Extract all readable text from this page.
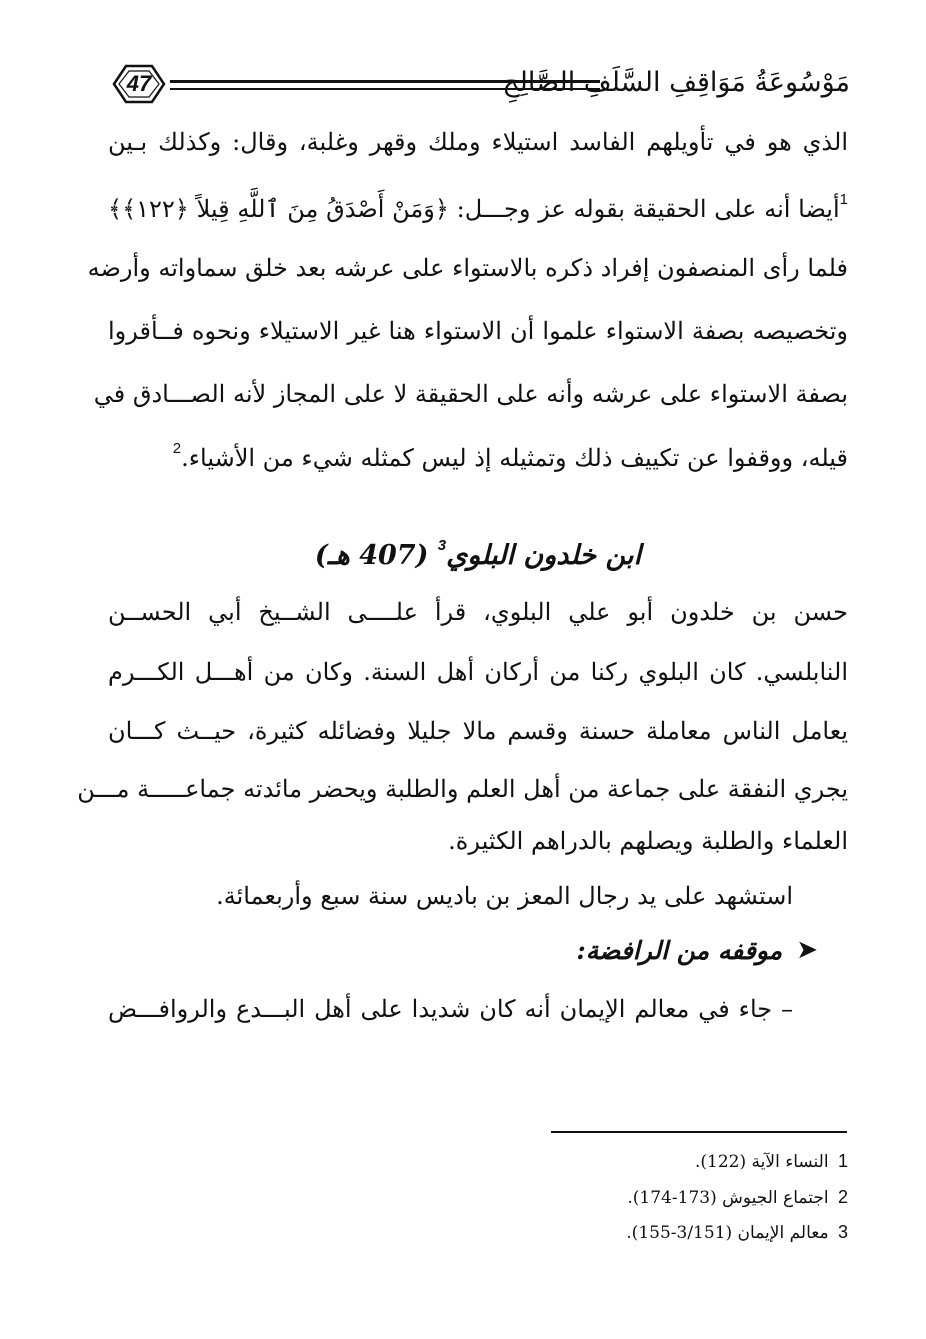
47	مَوْسُوعَةُ مَوَاقِفِ السَّلَفِ الصَّالِحِ
الذي هو في تأويلهم الفاسد استيلاء وملك وقهر وغلبة، وقال: وكذلك بـين
$^1$أيضا أنه على الحقيقة بقوله عز وجـــل: ﴿وَمَنْ أَصْدَقُ مِنَ ٱللَّهِ قِيلاً ﴿١٢٢﴾﴾
فلما رأى المنصفون إفراد ذكره بالاستواء على عرشه بعد خلق سماواته وأرضه
وتخصيصه بصفة الاستواء علموا أن الاستواء هنا غير الاستيلاء ونحوه فــأقروا
بصفة الاستواء على عرشه وأنه على الحقيقة لا على المجاز لأنه الصـــادق في
قيله، ووقفوا عن تكييف ذلك وتمثيله إذ ليس كمثله شيء من الأشياء.$^2$
ابن خلدون البلوي$^3$ (407 هـ)
حسن بن خلدون أبو علي البلوي، قرأ علــــى الشــيخ أبي الحســن
النابلسي. كان البلوي ركنا من أركان أهل السنة. وكان من أهـــل الكـــرم
يعامل الناس معاملة حسنة وقسم مالا جليلا وفضائله كثيرة، حيــث كـــان
يجري النفقة على جماعة من أهل العلم والطلبة ويحضر مائدته جماعـــــة مـــن
العلماء والطلبة ويصلهم بالدراهم الكثيرة.
استشهد على يد رجال المعز بن باديس سنة سبع وأربعمائة.
➤
موقفه من الرافضة:
– جاء في معالم الإيمان أنه كان شديدا على أهل البـــدع والروافـــض
1 النساء الآية (122).
2 اجتماع الجيوش (173-174).
3 معالم الإيمان (3/151-155).
